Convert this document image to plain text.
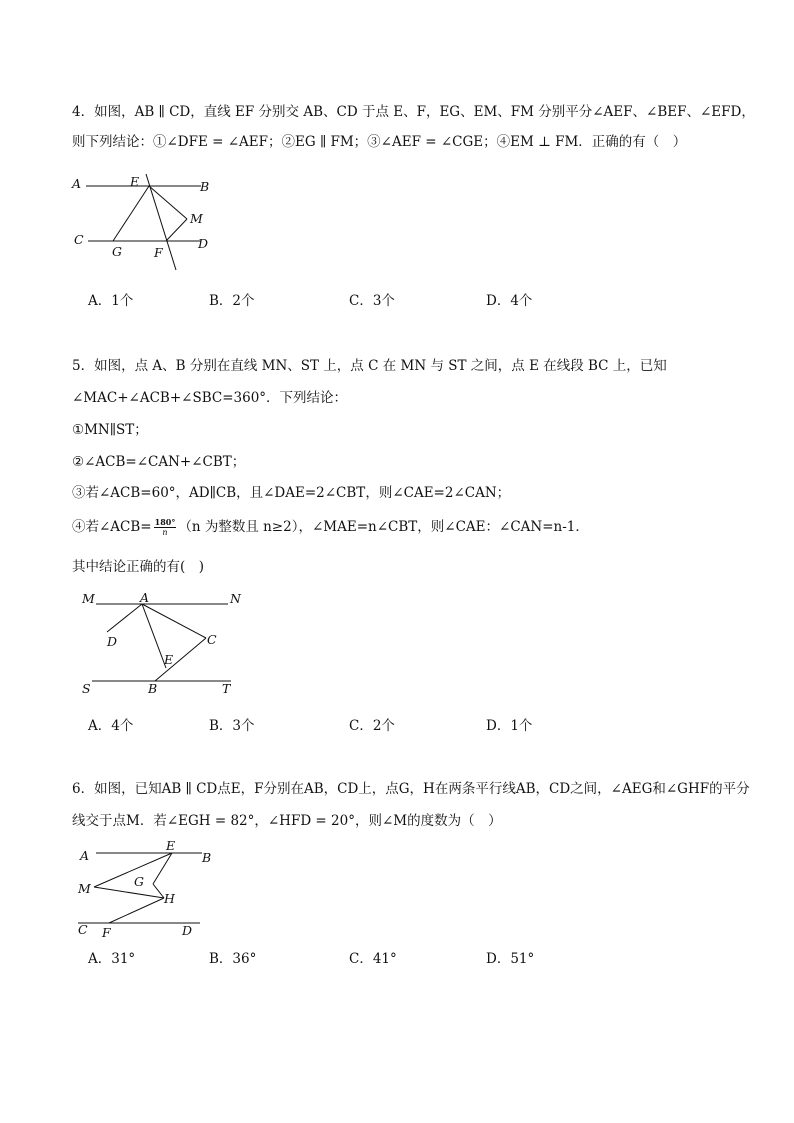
4．如图，AB ∥ CD，直线 EF 分别交 AB、CD 于点 E、F，EG、EM、FM 分别平分∠AEF、∠BEF、∠EFD，
则下列结论：①∠DFE = ∠AEF；②EG ∥ FM；③∠AEF = ∠CGE；④EM ⊥ FM．正确的有（　）
A	E	B
M
C
G	F
D
A．1个	B．2个	C．3个	D．4个
5．如图，点 A、B 分别在直线 MN、ST 上，点 C 在 MN 与 ST 之间，点 E 在线段 BC 上，已知
∠MAC+∠ACB+∠SBC=360°．下列结论：
①MN∥ST；
②∠ACB=∠CAN+∠CBT；
③若∠ACB=60°，AD∥CB，且∠DAE=2∠CBT，则∠CAE=2∠CAN；
④若∠ACB= $\frac{180^\circ}{n} (n$ 为整数且 n≥2），∠MAE=n∠CBT，则∠CAE：∠CAN=n-1．
其中结论正确的有(　)
M	A	N
D	C
E
S	B	T
A．4个	B．3个	C．2个	D．1个
6．如图，已知AB ∥ CD点E，F分别在AB，CD上，点G，H在两条平行线AB，CD之间，∠AEG和∠GHF的平分
线交于点M．若∠EGH = 82°，∠HFD = 20°，则∠M的度数为（　）
A
E
B
G
M
H
C F	D
A．31°	B．36°	C．41°	D．51°
